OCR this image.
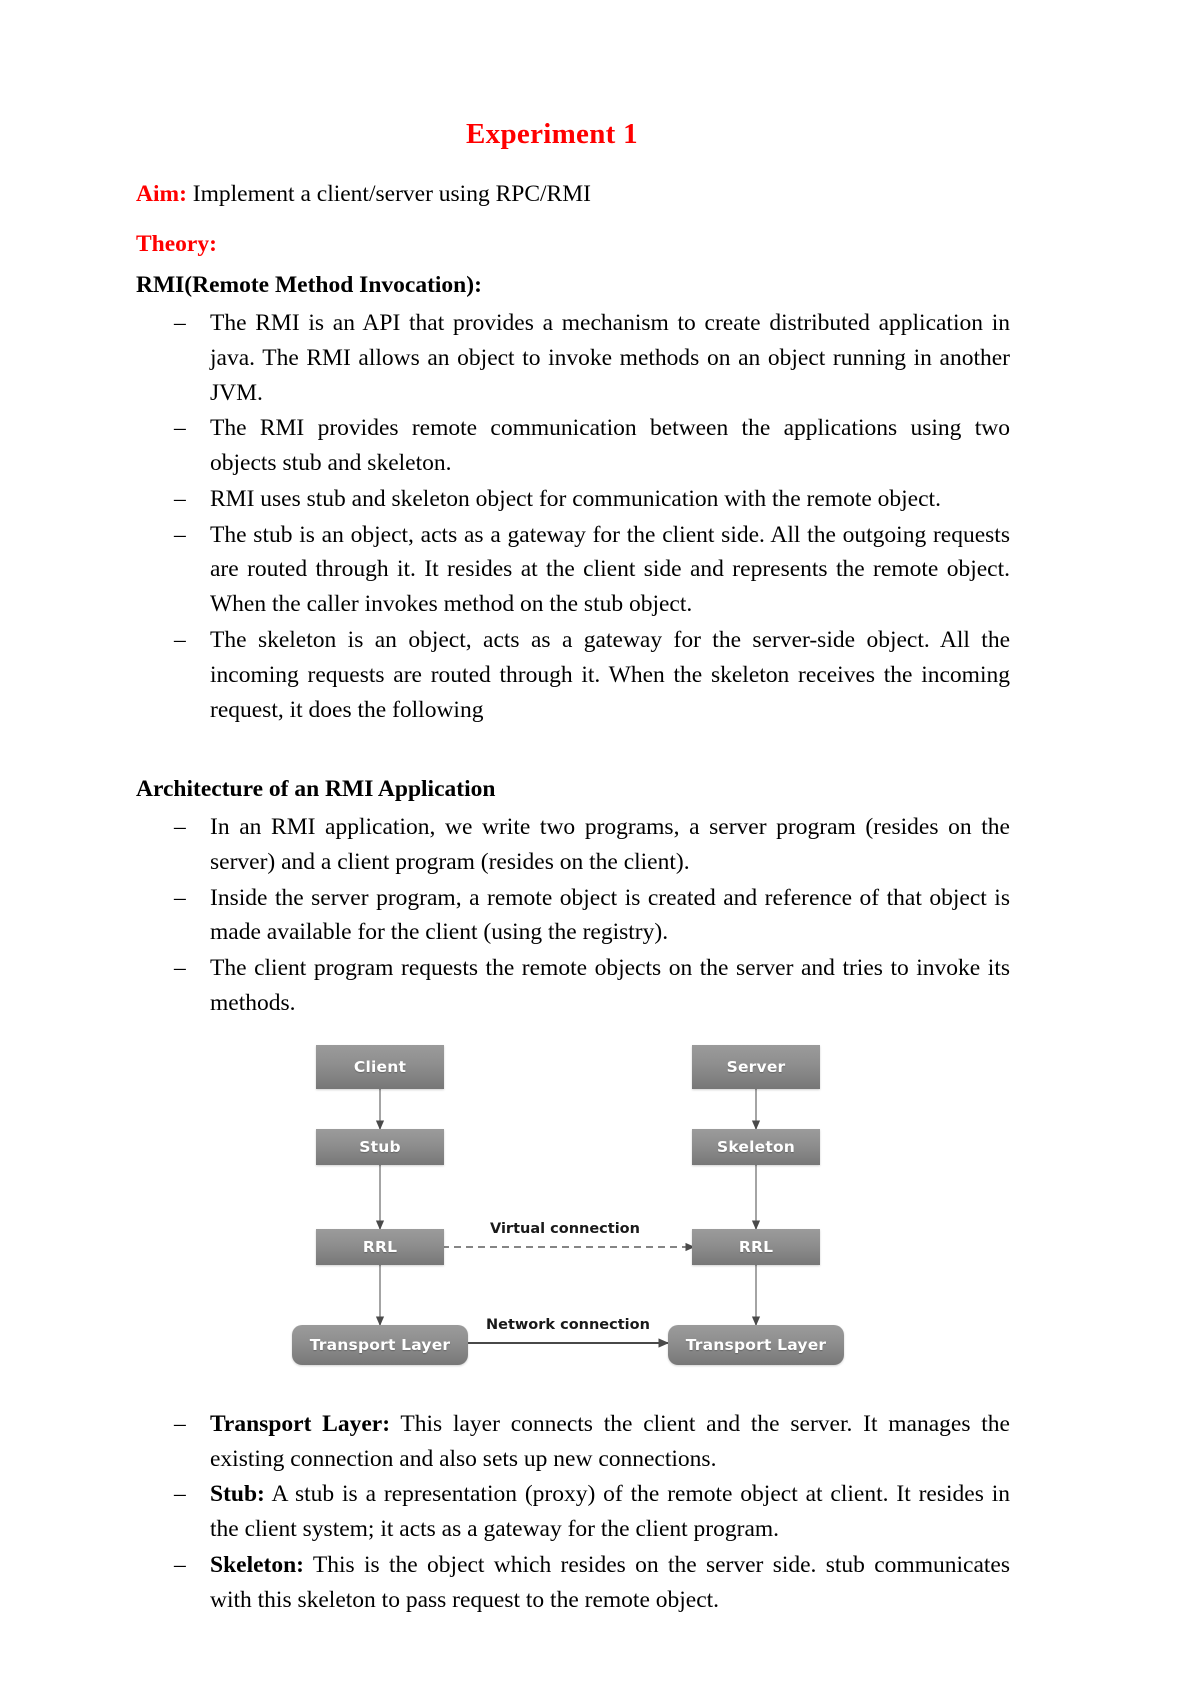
Experiment 1

Aim: Implement a client/server using RPC/RMI

Theory:
RMI(Remote Method Invocation):
– The RMI is an API that provides a mechanism to create distributed application in java. The RMI allows an object to invoke methods on an object running in another JVM.
– The RMI provides remote communication between the applications using two objects stub and skeleton.
– RMI uses stub and skeleton object for communication with the remote object.
– The stub is an object, acts as a gateway for the client side. All the outgoing requests are routed through it. It resides at the client side and represents the remote object. When the caller invokes method on the stub object.
– The skeleton is an object, acts as a gateway for the server-side object. All the incoming requests are routed through it. When the skeleton receives the incoming request, it does the following
Architecture of an RMI Application
– In an RMI application, we write two programs, a server program (resides on the server) and a client program (resides on the client).
– Inside the server program, a remote object is created and reference of that object is made available for the client (using the registry).
– The client program requests the remote objects on the server and tries to invoke its methods.
Client
Stub
RRL
Transport Layer
Server
Skeleton
RRL
Transport Layer
Virtual connection
Network connection
– Transport Layer: This layer connects the client and the server. It manages the existing connection and also sets up new connections.
– Stub: A stub is a representation (proxy) of the remote object at client. It resides in the client system; it acts as a gateway for the client program.
– Skeleton: This is the object which resides on the server side. stub communicates with this skeleton to pass request to the remote object.
